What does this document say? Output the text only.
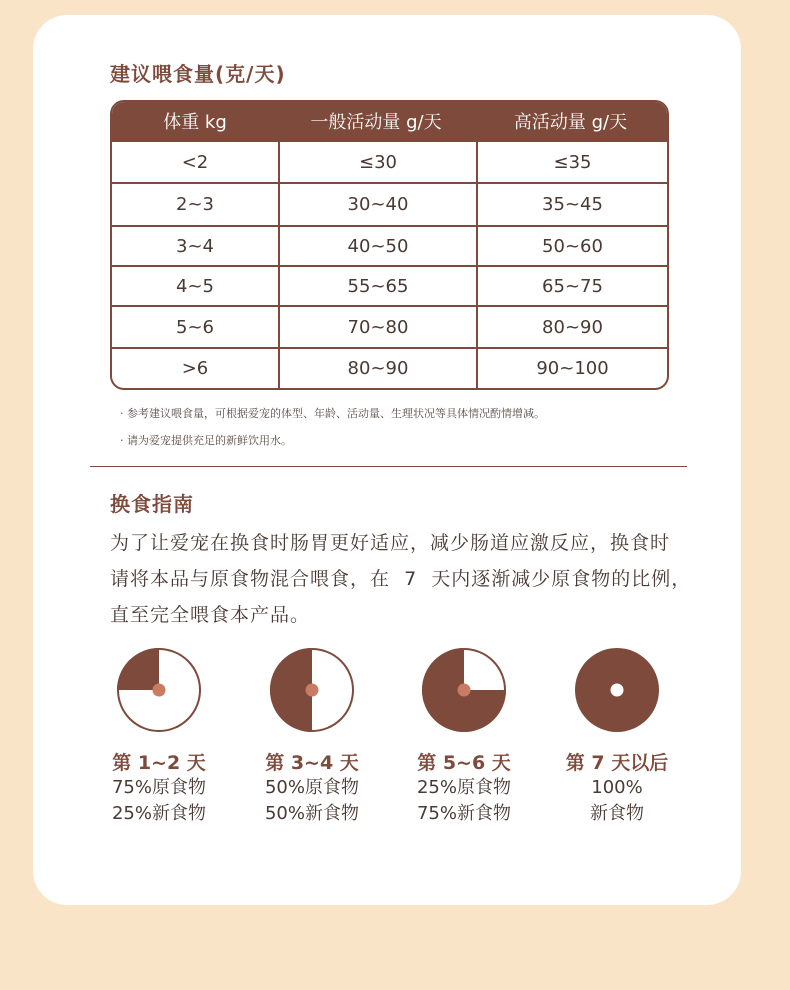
建议喂食量(克/天)
体重 kg	一般活动量 g/天	高活动量 g/天
<2	≤30	≤35
2~3	30~40	35~45
3~4	40~50	50~60
4~5	55~65	65~75
5~6	70~80	80~90
>6	80~90	90~100
· 参考建议喂食量，可根据爱宠的体型、年龄、活动量、生理状况等具体情况酌情增减。
· 请为爱宠提供充足的新鲜饮用水。
换食指南
为了让爱宠在换食时肠胃更好适应，减少肠道应激反应，换食时
请将本品与原食物混合喂食，在  7  天内逐渐减少原食物的比例，
直至完全喂食本产品。
第 1~2 天
75%原食物
25%新食物
第 3~4 天
50%原食物
50%新食物
第 5~6 天
25%原食物
75%新食物
第 7 天以后
100%
新食物
